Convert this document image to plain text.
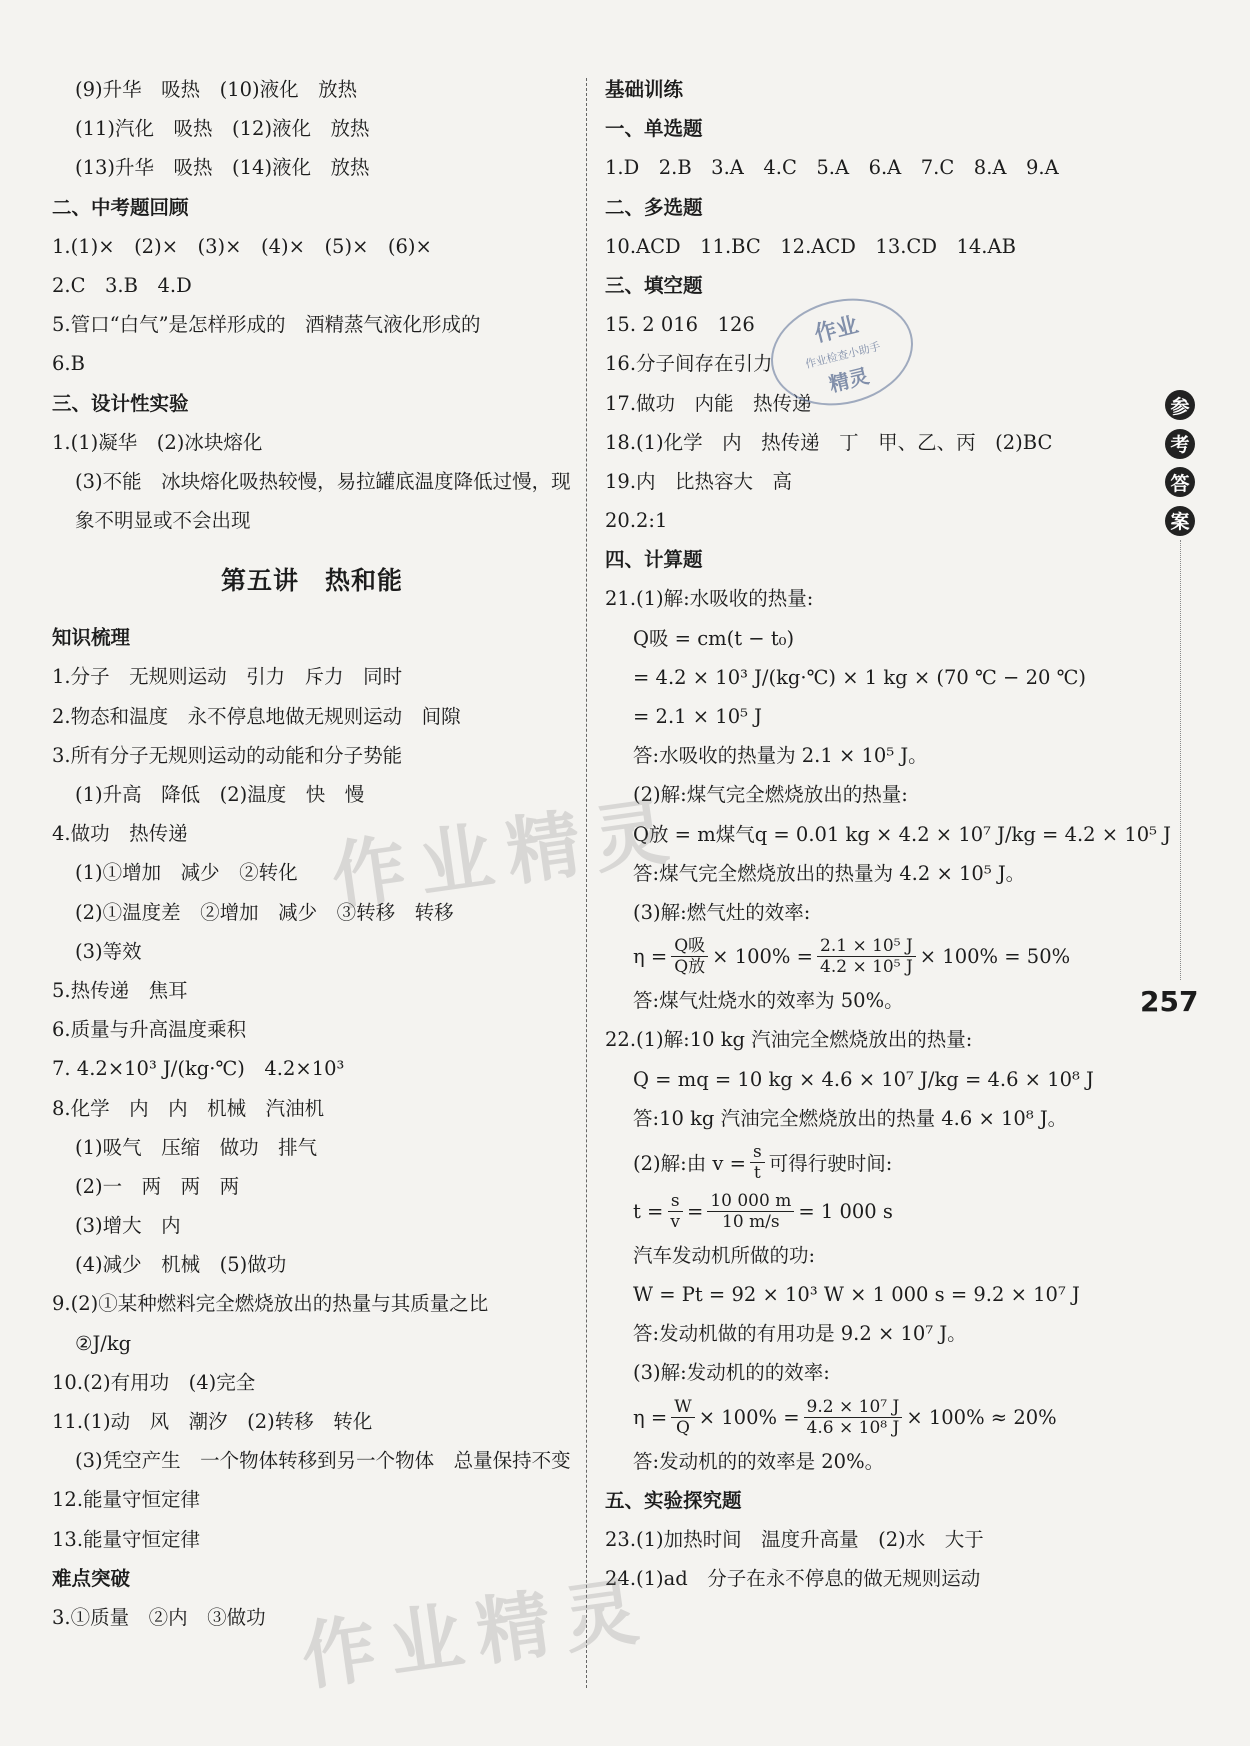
(9)升华　吸热　(10)液化　放热
(11)汽化　吸热　(12)液化　放热
(13)升华　吸热　(14)液化　放热
二、中考题回顾
1.(1)×　(2)×　(3)×　(4)×　(5)×　(6)×
2.C　3.B　4.D
5.管口“白气”是怎样形成的　酒精蒸气液化形成的
6.B
三、设计性实验
1.(1)凝华　(2)冰块熔化
(3)不能　冰块熔化吸热较慢，易拉罐底温度降低过慢，现象不明显或不会出现
第五讲　热和能
知识梳理
1.分子　无规则运动　引力　斥力　同时
2.物态和温度　永不停息地做无规则运动　间隙
3.所有分子无规则运动的动能和分子势能
(1)升高　降低　(2)温度　快　慢
4.做功　热传递
(1)①增加　减少　②转化
(2)①温度差　②增加　减少　③转移　转移
(3)等效
5.热传递　焦耳
6.质量与升高温度乘积
7. 4.2×10³ J/(kg·℃)　4.2×10³
8.化学　内　内　机械　汽油机
(1)吸气　压缩　做功　排气
(2)一　两　两　两
(3)增大　内
(4)减少　机械　(5)做功
9.(2)①某种燃料完全燃烧放出的热量与其质量之比
②J/kg
10.(2)有用功　(4)完全
11.(1)动　风　潮汐　(2)转移　转化
(3)凭空产生　一个物体转移到另一个物体　总量保持不变
12.能量守恒定律
13.能量守恒定律
难点突破
3.①质量　②内　③做功
基础训练
一、单选题
1.D　2.B　3.A　4.C　5.A　6.A　7.C　8.A　9.A
二、多选题
10.ACD　11.BC　12.ACD　13.CD　14.AB
三、填空题
15. 2 016　126
16.分子间存在引力
17.做功　内能　热传递
18.(1)化学　内　热传递　丁　甲、乙、丙　(2)BC
19.内　比热容大　高
20.2:1
四、计算题
21.(1)解:水吸收的热量:
Q吸 = cm(t − t₀)
= 4.2 × 10³ J/(kg·℃) × 1 kg × (70 ℃ − 20 ℃)
= 2.1 × 10⁵ J
答:水吸收的热量为 2.1 × 10⁵ J。
(2)解:煤气完全燃烧放出的热量:
Q放 = m煤气q = 0.01 kg × 4.2 × 10⁷ J/kg = 4.2 × 10⁵ J
答:煤气完全燃烧放出的热量为 4.2 × 10⁵ J。
(3)解:燃气灶的效率:
$\eta = \frac{\text{Q吸}}{\text{Q放}} \times 100\% = \frac{\text{2.1 × 10⁵ J}}{\text{4.2 × 10⁵ J}} \times 100\% = 50\%$
答:煤气灶烧水的效率为 50%。
22.(1)解:10 kg 汽油完全燃烧放出的热量:
Q = mq = 10 kg × 4.6 × 10⁷ J/kg = 4.6 × 10⁸ J
答:10 kg 汽油完全燃烧放出的热量 4.6 × 10⁸ J。
(2)解:由 $v = \frac{s}{t}$ 可得行驶时间:
$t = \frac{s}{v} = \frac{10 000 m}{10 m/s} = 1$ 000 s
汽车发动机所做的功:
W = Pt = 92 × 10³ W × 1 000 s = 9.2 × 10⁷ J
答:发动机做的有用功是 9.2 × 10⁷ J。
(3)解:发动机的的效率:
$\eta = \frac{W}{Q} \times 100\% = \frac{\text{9.2 × 10⁷ J}}{\text{4.6 × 10⁸ J}} \times 100\% \approx 20\%$
答:发动机的的效率是 20%。
五、实验探究题
23.(1)加热时间　温度升高量　(2)水　大于
24.(1)ad　分子在永不停息的做无规则运动
参
考
答
案
257
作业精灵
作业精灵
作业
作业检查小助手
精灵
